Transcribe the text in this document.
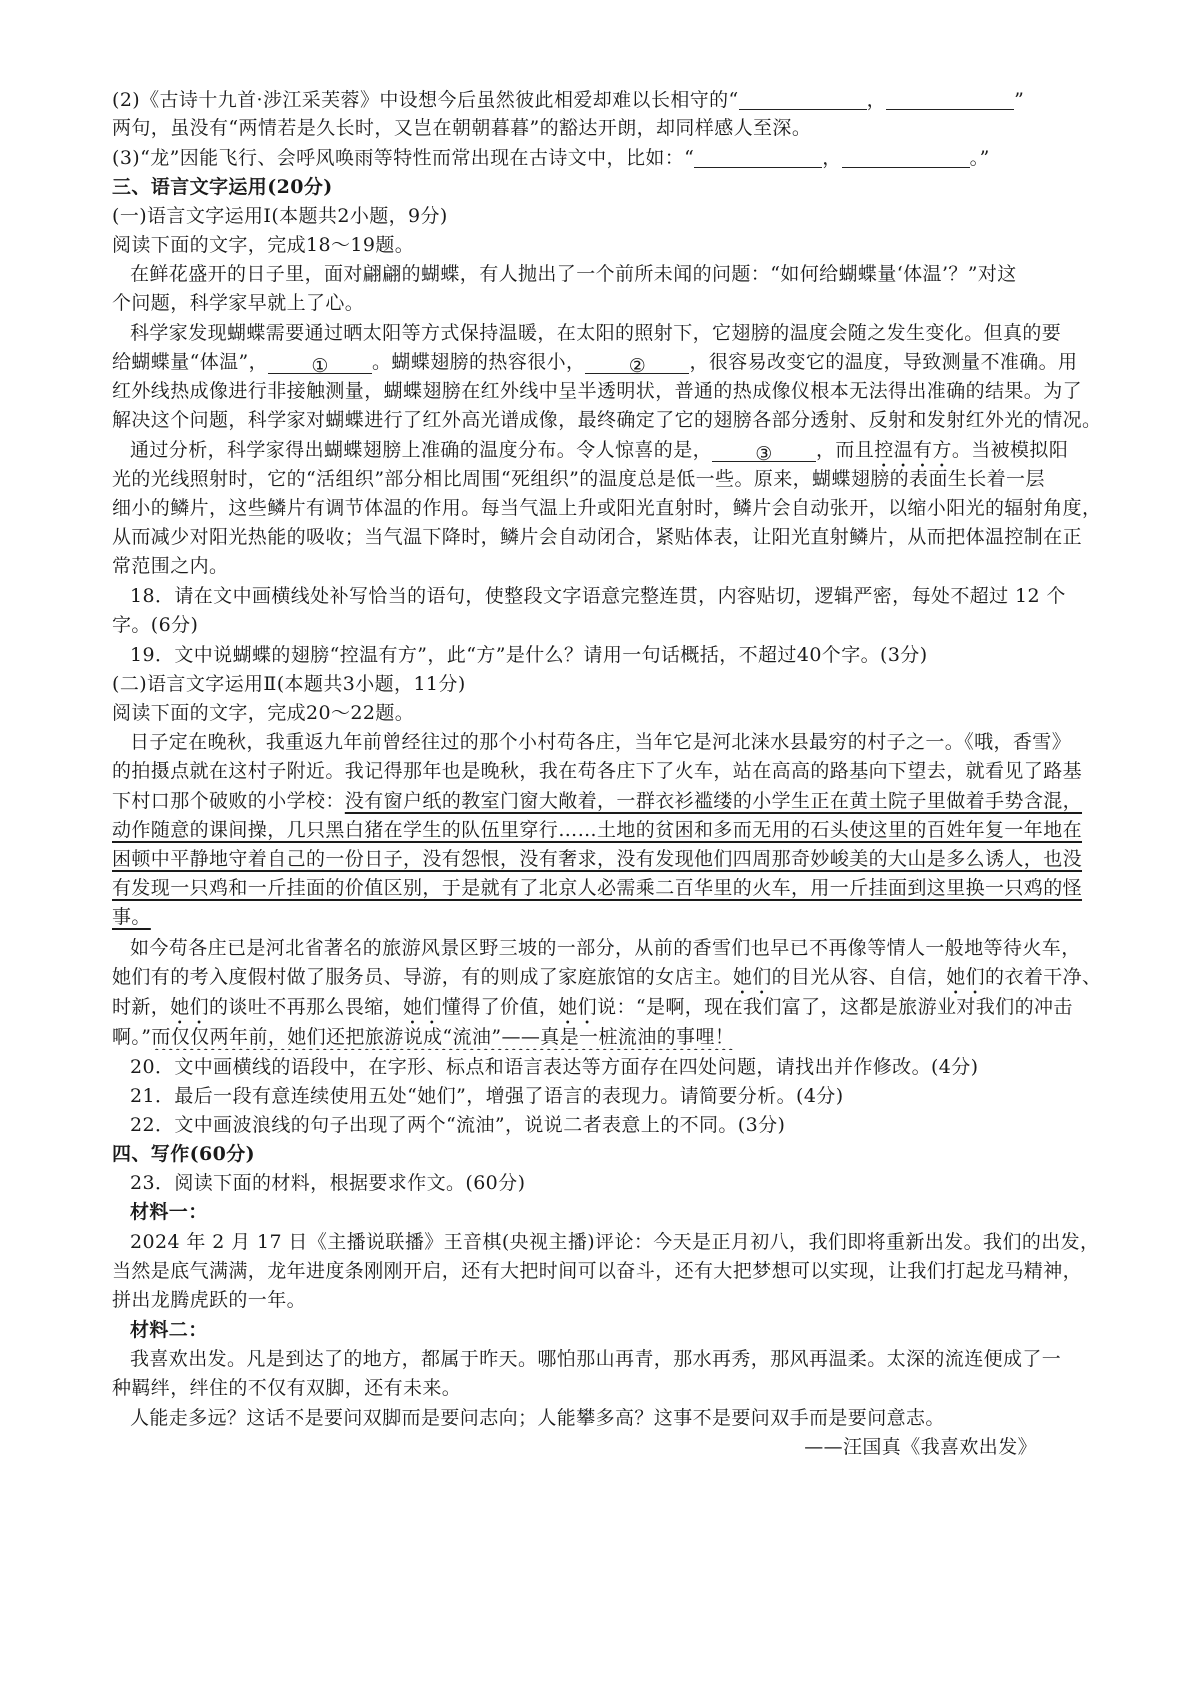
(2)《古诗十九首·涉江采芙蓉》中设想今后虽然彼此相爱却难以长相守的“	，	”
两句，虽没有“两情若是久长时，又岂在朝朝暮暮”的豁达开朗，却同样感人至深。
(3)“龙”因能飞行、会呼风唤雨等特性而常出现在古诗文中，比如：“	，	。”
三、语言文字运用(20分)
(一)语言文字运用Ⅰ(本题共2小题，9分)
阅读下面的文字，完成18～19题。
在鲜花盛开的日子里，面对翩翩的蝴蝶，有人抛出了一个前所未闻的问题：“如何给蝴蝶量‘体温’？”对这
个问题，科学家早就上了心。
科学家发现蝴蝶需要通过晒太阳等方式保持温暖，在太阳的照射下，它翅膀的温度会随之发生变化。但真的要
给蝴蝶量“体温”， ① 。蝴蝶翅膀的热容很小， ② ，很容易改变它的温度，导致测量不准确。用
红外线热成像进行非接触测量，蝴蝶翅膀在红外线中呈半透明状，普通的热成像仪根本无法得出准确的结果。为了
解决这个问题，科学家对蝴蝶进行了红外高光谱成像，最终确定了它的翅膀各部分透射、反射和发射红外光的情况。
通过分析，科学家得出蝴蝶翅膀上准确的温度分布。令人惊喜的是， ③ ，而且控温有方。当被模拟阳
光的光线照射时，它的“活组织”部分相比周围“死组织”的温度总是低一些。原来，蝴蝶翅膀的表面生长着一层
细小的鳞片，这些鳞片有调节体温的作用。每当气温上升或阳光直射时，鳞片会自动张开，以缩小阳光的辐射角度，
从而减少对阳光热能的吸收；当气温下降时，鳞片会自动闭合，紧贴体表，让阳光直射鳞片，从而把体温控制在正
常范围之内。
18．请在文中画横线处补写恰当的语句，使整段文字语意完整连贯，内容贴切，逻辑严密，每处不超过 12 个
字。(6分)
19．文中说蝴蝶的翅膀“控温有方”，此“方”是什么？请用一句话概括，不超过40个字。(3分)
(二)语言文字运用Ⅱ(本题共3小题，11分)
阅读下面的文字，完成20～22题。
日子定在晚秋，我重返九年前曾经往过的那个小村苟各庄，当年它是河北涞水县最穷的村子之一。《哦，香雪》
的拍摄点就在这村子附近。我记得那年也是晚秋，我在苟各庄下了火车，站在高高的路基向下望去，就看见了路基
下村口那个破败的小学校：没有窗户纸的教室门窗大敞着，一群衣衫褴缕的小学生正在黄土院子里做着手势含混，
动作随意的课间操，几只黑白猪在学生的队伍里穿行……土地的贫困和多而无用的石头使这里的百姓年复一年地在
困顿中平静地守着自己的一份日子，没有怨恨，没有奢求，没有发现他们四周那奇妙峻美的大山是多么诱人，也没
有发现一只鸡和一斤挂面的价值区别，于是就有了北京人必需乘二百华里的火车，用一斤挂面到这里换一只鸡的怪
事。
如今苟各庄已是河北省著名的旅游风景区野三坡的一部分，从前的香雪们也早已不再像等情人一般地等待火车，
她们有的考入度假村做了服务员、导游，有的则成了家庭旅馆的女店主。她们的目光从容、自信，她们的衣着干净、
时新，她们的谈吐不再那么畏缩，她们懂得了价值，她们说：“是啊，现在我们富了，这都是旅游业对我们的冲击
啊。”而仅仅两年前，她们还把旅游说成“流油”——真是一桩流油的事哩！
20．文中画横线的语段中，在字形、标点和语言表达等方面存在四处问题，请找出并作修改。(4分)
21．最后一段有意连续使用五处“她们”，增强了语言的表现力。请简要分析。(4分)
22．文中画波浪线的句子出现了两个“流油”，说说二者表意上的不同。(3分)
四、写作(60分)
23．阅读下面的材料，根据要求作文。(60分)
材料一：
2024 年 2 月 17 日《主播说联播》王音棋(央视主播)评论：今天是正月初八，我们即将重新出发。我们的出发，
当然是底气满满，龙年进度条刚刚开启，还有大把时间可以奋斗，还有大把梦想可以实现，让我们打起龙马精神，
拼出龙腾虎跃的一年。
材料二：
我喜欢出发。凡是到达了的地方，都属于昨天。哪怕那山再青，那水再秀，那风再温柔。太深的流连便成了一
种羁绊，绊住的不仅有双脚，还有未来。
人能走多远？这话不是要问双脚而是要问志向；人能攀多高？这事不是要问双手而是要问意志。
——汪国真《我喜欢出发》
